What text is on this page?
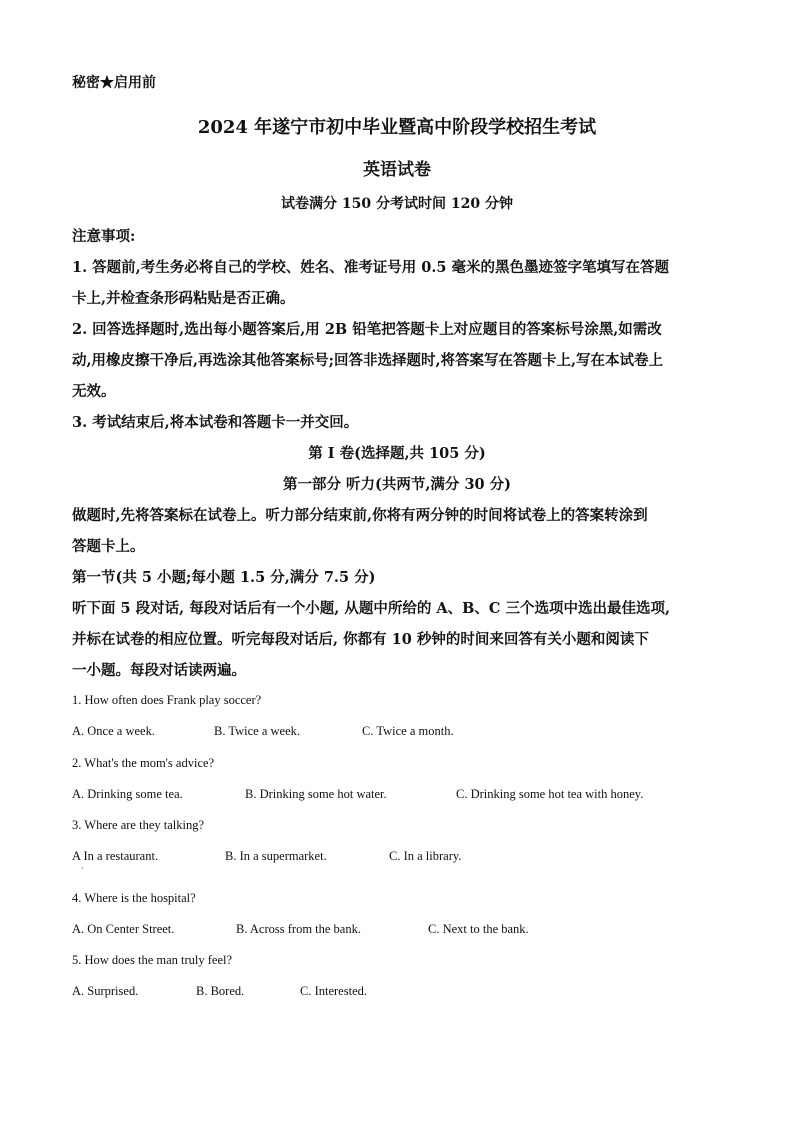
秘密★启用前
2024 年遂宁市初中毕业暨高中阶段学校招生考试
英语试卷
试卷满分 150 分考试时间 120 分钟
注意事项:
1. 答题前,考生务必将自己的学校、姓名、准考证号用 0.5 毫米的黑色墨迹签字笔填写在答题
卡上,并检查条形码粘贴是否正确。
2. 回答选择题时,选出每小题答案后,用 2B 铅笔把答题卡上对应题目的答案标号涂黑,如需改
动,用橡皮擦干净后,再选涂其他答案标号;回答非选择题时,将答案写在答题卡上,写在本试卷上
无效。
3. 考试结束后,将本试卷和答题卡一并交回。
第 I 卷(选择题,共 105 分)
第一部分 听力(共两节,满分 30 分)
做题时,先将答案标在试卷上。听力部分结束前,你将有两分钟的时间将试卷上的答案转涂到
答题卡上。
第一节(共 5 小题;每小题 1.5 分,满分 7.5 分)
听下面 5 段对话, 每段对话后有一个小题, 从题中所给的 A、B、C 三个选项中选出最佳选项,
并标在试卷的相应位置。听完每段对话后, 你都有 10 秒钟的时间来回答有关小题和阅读下
一小题。每段对话读两遍。
1. How often does Frank play soccer?
A. Once a week.	B. Twice a week.	C. Twice a month.
2. What's the mom's advice?
A. Drinking some tea.	B. Drinking some hot water.	C. Drinking some hot tea with honey.
3. Where are they talking?
A In a restaurant.	B. In a supermarket.	C. In a library.
·
4. Where is the hospital?
A. On Center Street.	B. Across from the bank.	C. Next to the bank.
5. How does the man truly feel?
A. Surprised.	B. Bored.	C. Interested.
